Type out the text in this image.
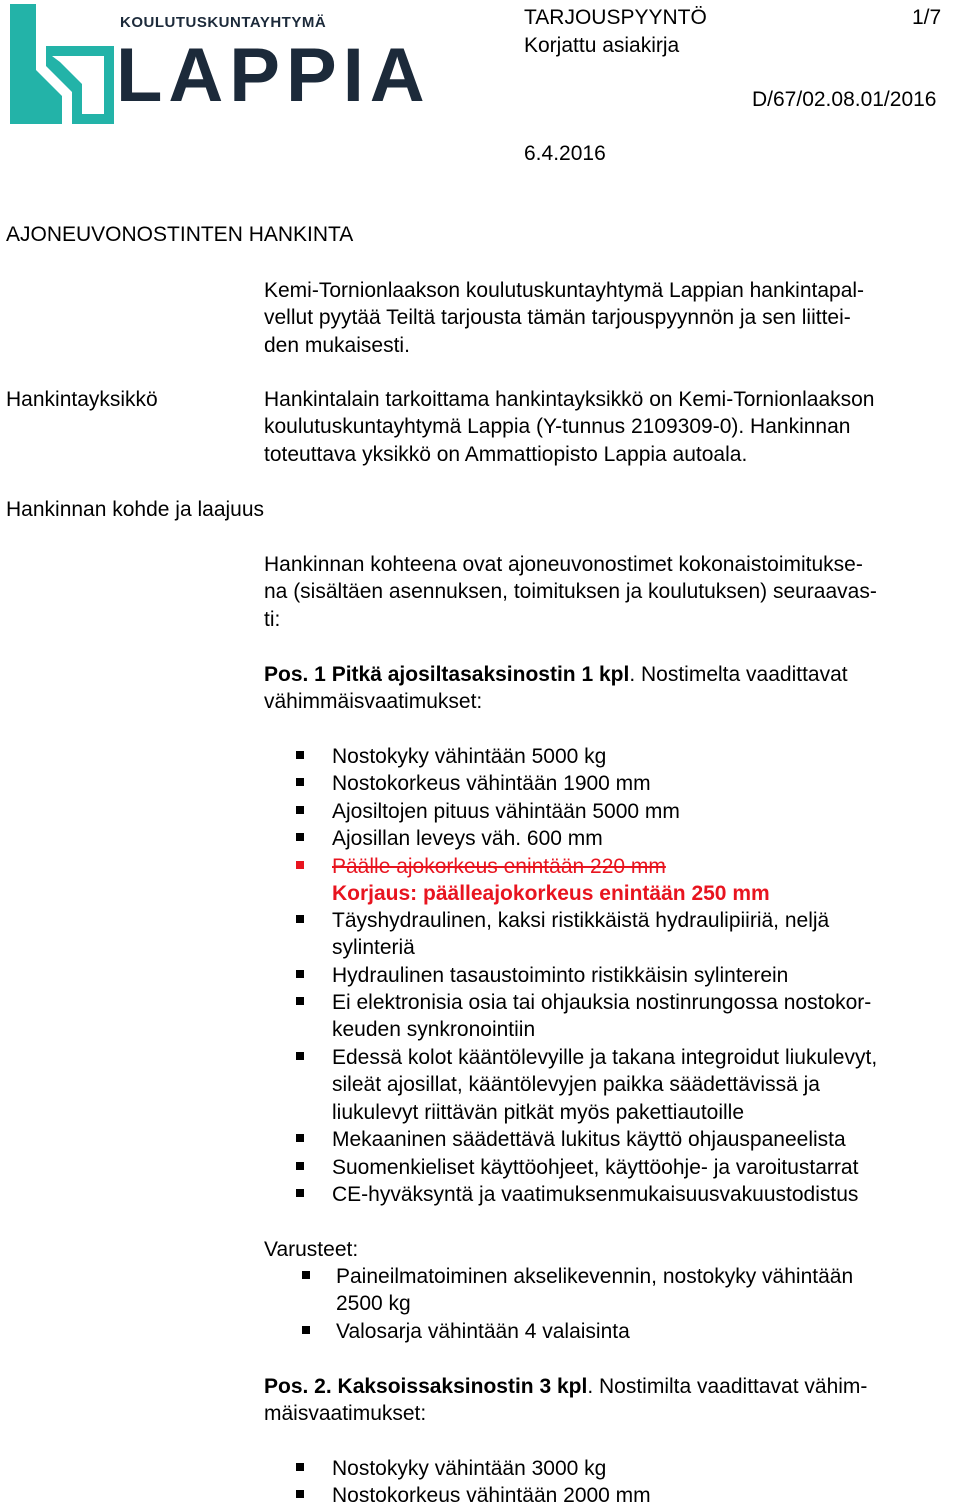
KOULUTUSKUNTAYHTYMÄ
LAPPIA
TARJOUSPYYNTÖ	1/7
Korjattu asiakirja
D/67/02.08.01/2016
6.4.2016
AJONEUVONOSTINTEN HANKINTA
Kemi-Tornionlaakson koulutuskuntayhtymä Lappian hankintapal-
vellut pyytää Teiltä tarjousta tämän tarjouspyynnön ja sen liittei-
den mukaisesti.
Hankintayksikkö	Hankintalain tarkoittama hankintayksikkö on Kemi-Tornionlaakson
koulutuskuntayhtymä Lappia (Y-tunnus 2109309-0). Hankinnan
toteuttava yksikkö on Ammattiopisto Lappia autoala.
Hankinnan kohde ja laajuus
Hankinnan kohteena ovat ajoneuvonostimet kokonaistoimitukse-
na (sisältäen asennuksen, toimituksen ja koulutuksen) seuraavas-
ti:
Pos. 1 Pitkä ajosiltasaksinostin 1 kpl. Nostimelta vaadittavat
vähimmäisvaatimukset:
Nostokyky vähintään 5000 kg
Nostokorkeus vähintään 1900 mm
Ajosiltojen pituus vähintään 5000 mm
Ajosillan leveys väh. 600 mm
Päälle ajokorkeus enintään 220 mm
Korjaus: päälleajokorkeus enintään 250 mm
Täyshydraulinen, kaksi ristikkäistä hydraulipiiriä, neljä
sylinteriä
Hydraulinen tasaustoiminto ristikkäisin sylinterein
Ei elektronisia osia tai ohjauksia nostinrungossa nostokor-
keuden synkronointiin
Edessä kolot kääntölevyille ja takana integroidut liukulevyt,
sileät ajosillat, kääntölevyjen paikka säädettävissä ja
liukulevyt riittävän pitkät myös pakettiautoille
Mekaaninen säädettävä lukitus käyttö ohjauspaneelista
Suomenkieliset käyttöohjeet, käyttöohje- ja varoitustarrat
CE-hyväksyntä ja vaatimuksenmukaisuusvakuustodistus
Varusteet:
Paineilmatoiminen akselikevennin, nostokyky vähintään
2500 kg
Valosarja vähintään 4 valaisinta
Pos. 2. Kaksoissaksinostin 3 kpl. Nostimilta vaadittavat vähim-
mäisvaatimukset:
Nostokyky vähintään 3000 kg
Nostokorkeus vähintään 2000 mm
